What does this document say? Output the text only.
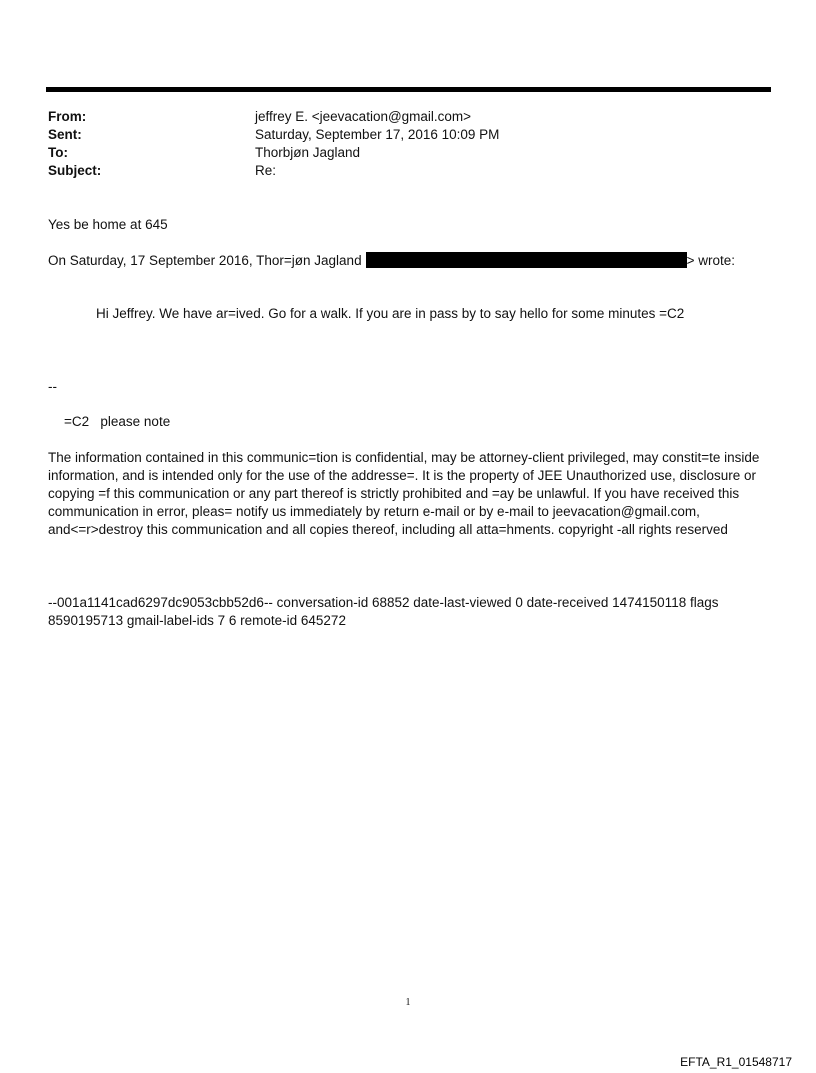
From:	jeffrey E. <jeevacation@gmail.com>
Sent:	Saturday, September 17, 2016 10:09 PM
To:	Thorbjøn Jagland
Subject:	Re:
Yes be home at 645
On Saturday, 17 September 2016, Thor=jøn Jagland	> wrote:
Hi Jeffrey. We have ar=ived. Go for a walk. If you are in pass by to say hello for some minutes =C2
--
=C2   please note
The information contained in this communic=tion is confidential, may be attorney-client privileged, may constit=te inside information, and is intended only for the use of the addresse=. It is the property of JEE Unauthorized use, disclosure or copying =f this communication or any part thereof is strictly prohibited and =ay be unlawful. If you have received this communication in error, pleas= notify us immediately by return e-mail or by e-mail to jeevacation@gmail.com, and<=r>destroy this communication and all copies thereof, including all atta=hments. copyright -all rights reserved
--001a1141cad6297dc9053cbb52d6-- conversation-id 68852 date-last-viewed 0 date-received 1474150118 flags 8590195713 gmail-label-ids 7 6 remote-id 645272
1
EFTA_R1_01548717
